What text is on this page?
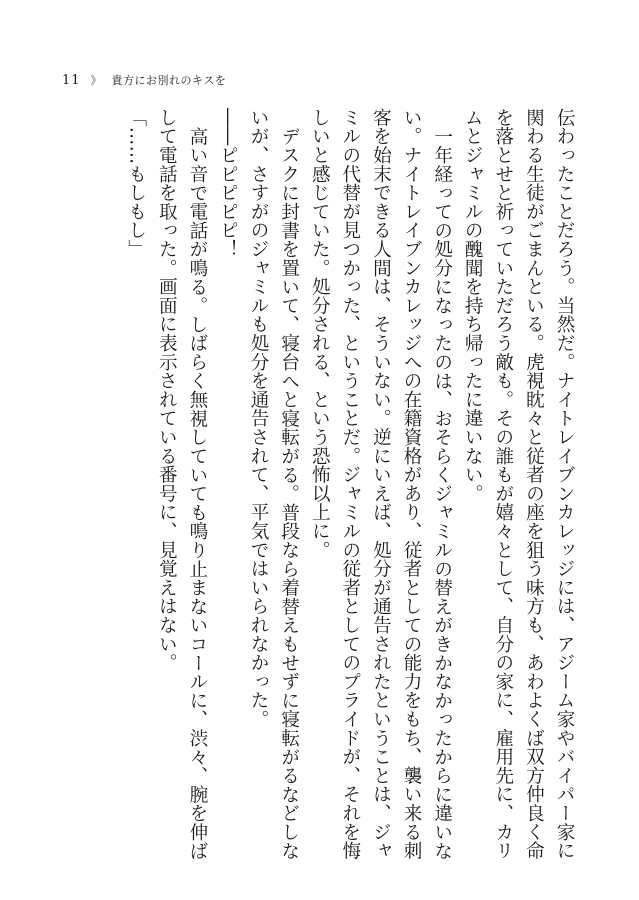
11 》 貴方にお別れのキスを
伝わったことだろう。当然だ。ナイトレイブンカレッジには、アジーム家やバイパー家に
関わる生徒がごまんといる。虎視眈々と従者の座を狙う味方も、あわよくば双方仲良く命
を落とせと祈っていただろう敵も。その誰もが嬉々として、自分の家に、雇用先に、カリ
ムとジャミルの醜聞を持ち帰ったに違いない。
一年経っての処分になったのは、おそらくジャミルの替えがきかなかったからに違いな
い。ナイトレイブンカレッジへの在籍資格があり、従者としての能力をもち、襲い来る刺
客を始末できる人間は、そういない。逆にいえば、処分が通告されたということは、ジャ
ミルの代替が見つかった、ということだ。ジャミルの従者としてのプライドが、それを悔
しいと感じていた。処分される、という恐怖以上に。
デスクに封書を置いて、寝台へと寝転がる。普段なら着替えもせずに寝転がるなどしな
いが、さすがのジャミルも処分を通告されて、平気ではいられなかった。
――ピピピピピ！
高い音で電話が鳴る。しばらく無視していても鳴り止まないコールに、渋々、腕を伸ば
して電話を取った。画面に表示されている番号に、見覚えはない。
「……もしもし」
